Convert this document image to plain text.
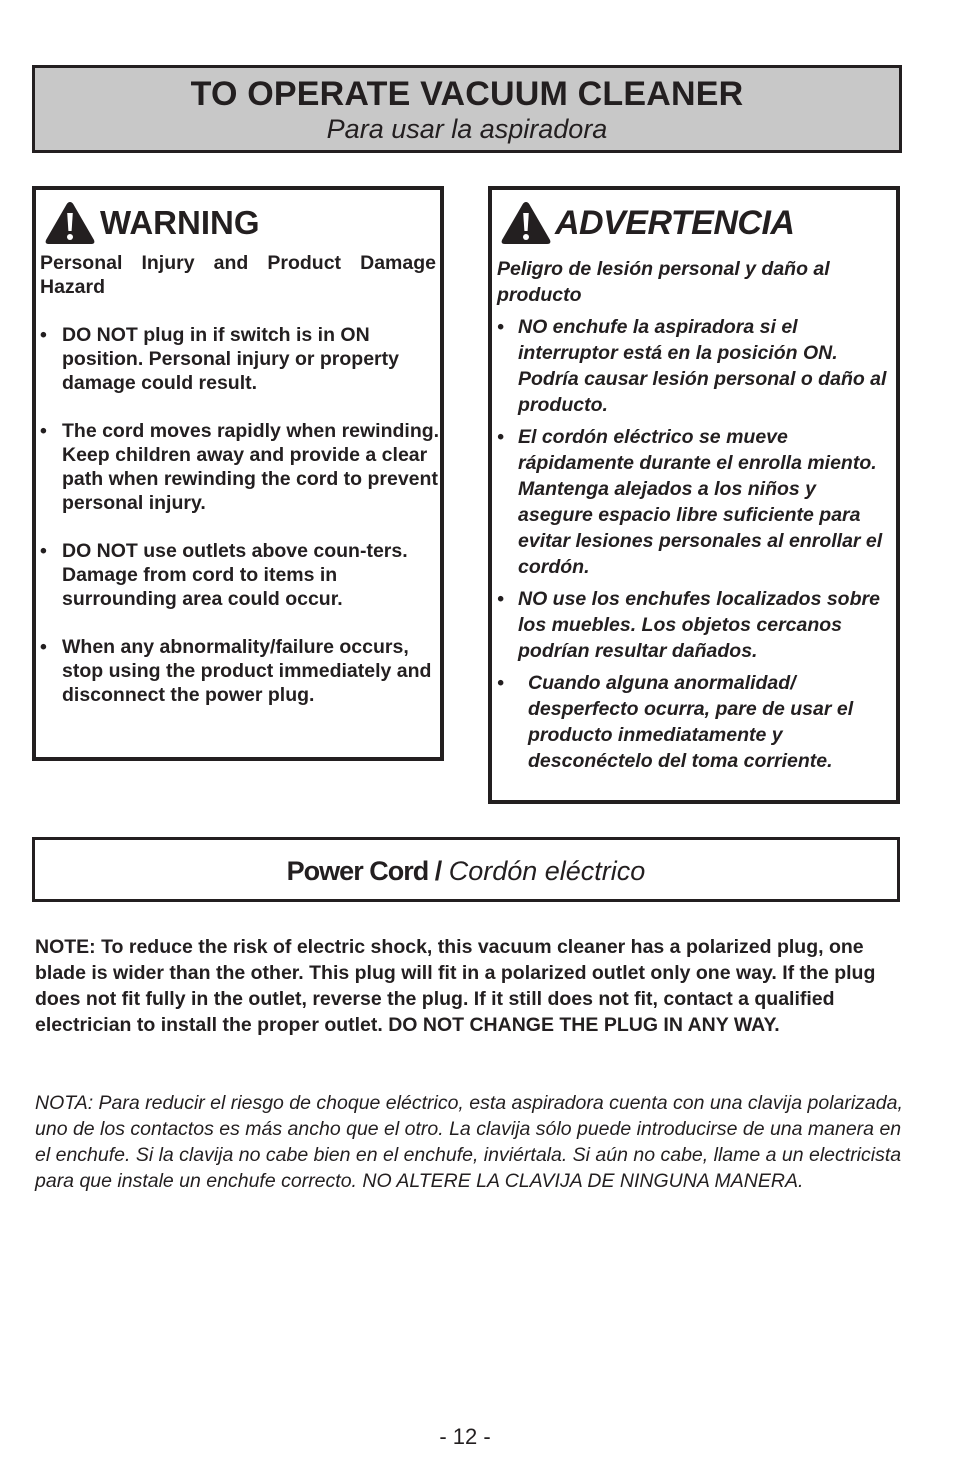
TO OPERATE VACUUM CLEANER
Para usar la aspiradora
WARNING
Personal Injury and Product Damage Hazard
• DO NOT plug in if switch is in ON position. Personal injury or property damage could result.
• The cord moves rapidly when rewinding. Keep children away and provide a clear path when rewinding the cord to prevent personal injury.
• DO NOT use outlets above coun-ters. Damage from cord to items in surrounding area could occur.
• When any abnormality/failure occurs, stop using the product immediately and disconnect the power plug.
ADVERTENCIA
Peligro de lesión personal y daño al producto
• NO enchufe la aspiradora si el interruptor está en la posición ON. Podría causar lesión personal o daño al producto.
• El cordón eléctrico se mueve rápidamente durante el enrolla miento. Mantenga alejados a los niños y asegure espacio libre suficiente para evitar lesiones personales al enrollar el cordón.
• NO use los enchufes localizados sobre los muebles. Los objetos cercanos podrían resultar dañados.
• Cuando alguna anormalidad/ desperfecto ocurra, pare de usar el producto inmediatamente y desconéctelo del toma corriente.
Power Cord / Cordón eléctrico
NOTE: To reduce the risk of electric shock, this vacuum cleaner has a polarized plug, one blade is wider than the other. This plug will fit in a polarized outlet only one way. If the plug does not fit fully in the outlet, reverse the plug. If it still does not fit, contact a qualified electrician to install the proper outlet. DO NOT CHANGE THE PLUG IN ANY WAY.
NOTA: Para reducir el riesgo de choque eléctrico, esta aspiradora cuenta con una clavija polarizada, uno de los contactos es más ancho que el otro. La clavija sólo puede introducirse de una manera en el enchufe. Si la clavija no cabe bien en el enchufe, inviértala. Si aún no cabe, llame a un electricista para que instale un enchufe correcto. NO ALTERE LA CLAVIJA DE NINGUNA MANERA.
- 12 -
